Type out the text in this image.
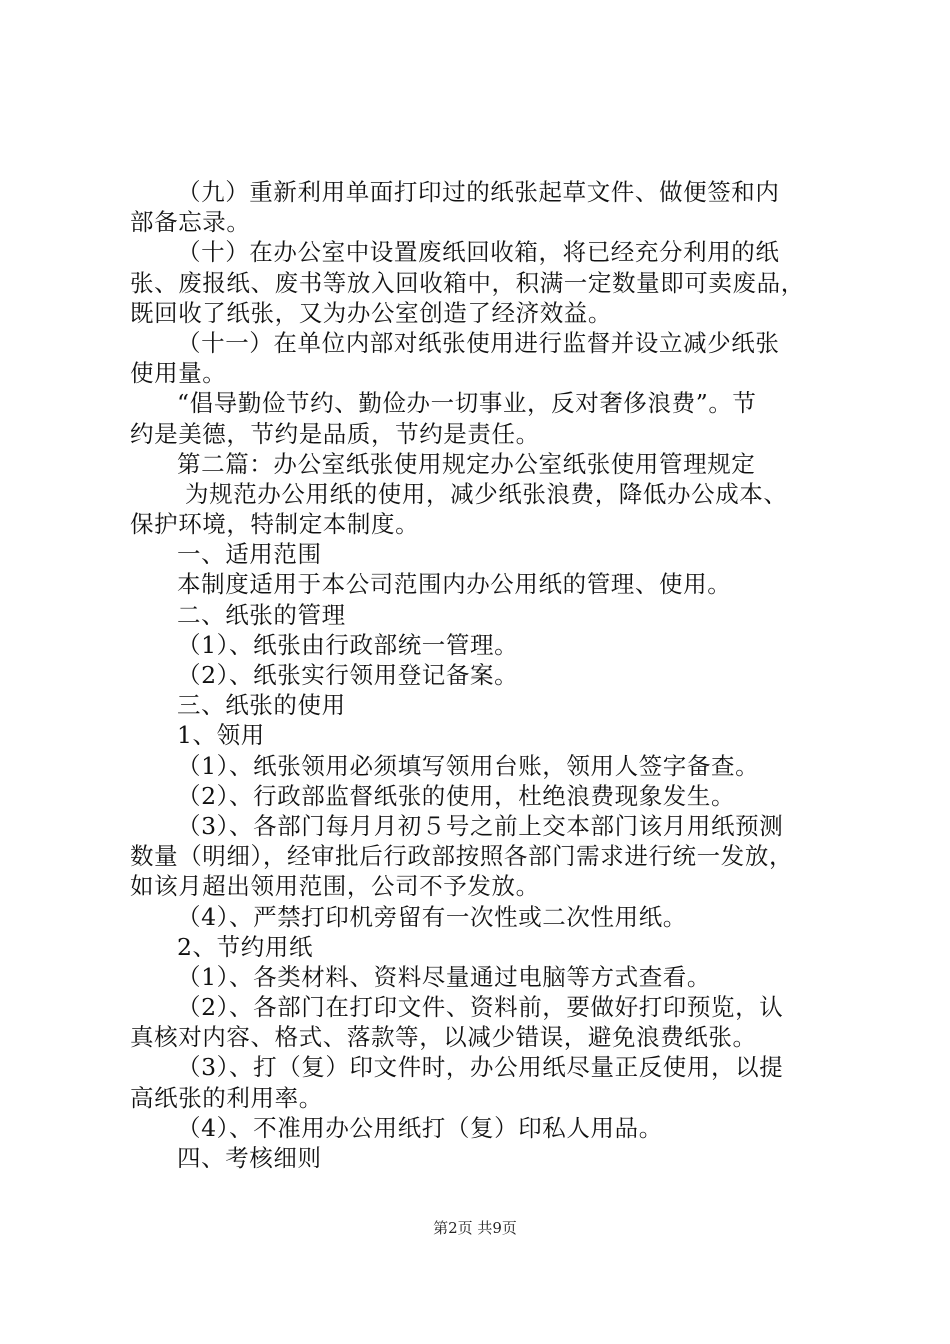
（九）重新利用单面打印过的纸张起草文件、做便签和内
部备忘录。
（十）在办公室中设置废纸回收箱，将已经充分利用的纸
张、废报纸、废书等放入回收箱中，积满一定数量即可卖废品，
既回收了纸张，又为办公室创造了经济效益。
（十一）在单位内部对纸张使用进行监督并设立减少纸张
使用量。
“倡导勤俭节约、勤俭办一切事业，反对奢侈浪费”。节
约是美德，节约是品质，节约是责任。
第二篇：办公室纸张使用规定办公室纸张使用管理规定
为规范办公用纸的使用，减少纸张浪费，降低办公成本、
保护环境，特制定本制度。
一、适用范围
本制度适用于本公司范围内办公用纸的管理、使用。
二、纸张的管理
（1）、纸张由行政部统一管理。
（2）、纸张实行领用登记备案。
三、纸张的使用
1、领用
（1）、纸张领用必须填写领用台账，领用人签字备查。
（2）、行政部监督纸张的使用，杜绝浪费现象发生。
（3）、各部门每月月初５号之前上交本部门该月用纸预测
数量（明细），经审批后行政部按照各部门需求进行统一发放，
如该月超出领用范围，公司不予发放。
（4）、严禁打印机旁留有一次性或二次性用纸。
2、节约用纸
（1）、各类材料、资料尽量通过电脑等方式查看。
（2）、各部门在打印文件、资料前，要做好打印预览，认
真核对内容、格式、落款等，以减少错误，避免浪费纸张。
（3）、打（复）印文件时，办公用纸尽量正反使用，以提
高纸张的利用率。
（4）、不准用办公用纸打（复）印私人用品。
四、考核细则
第2页 共9页
